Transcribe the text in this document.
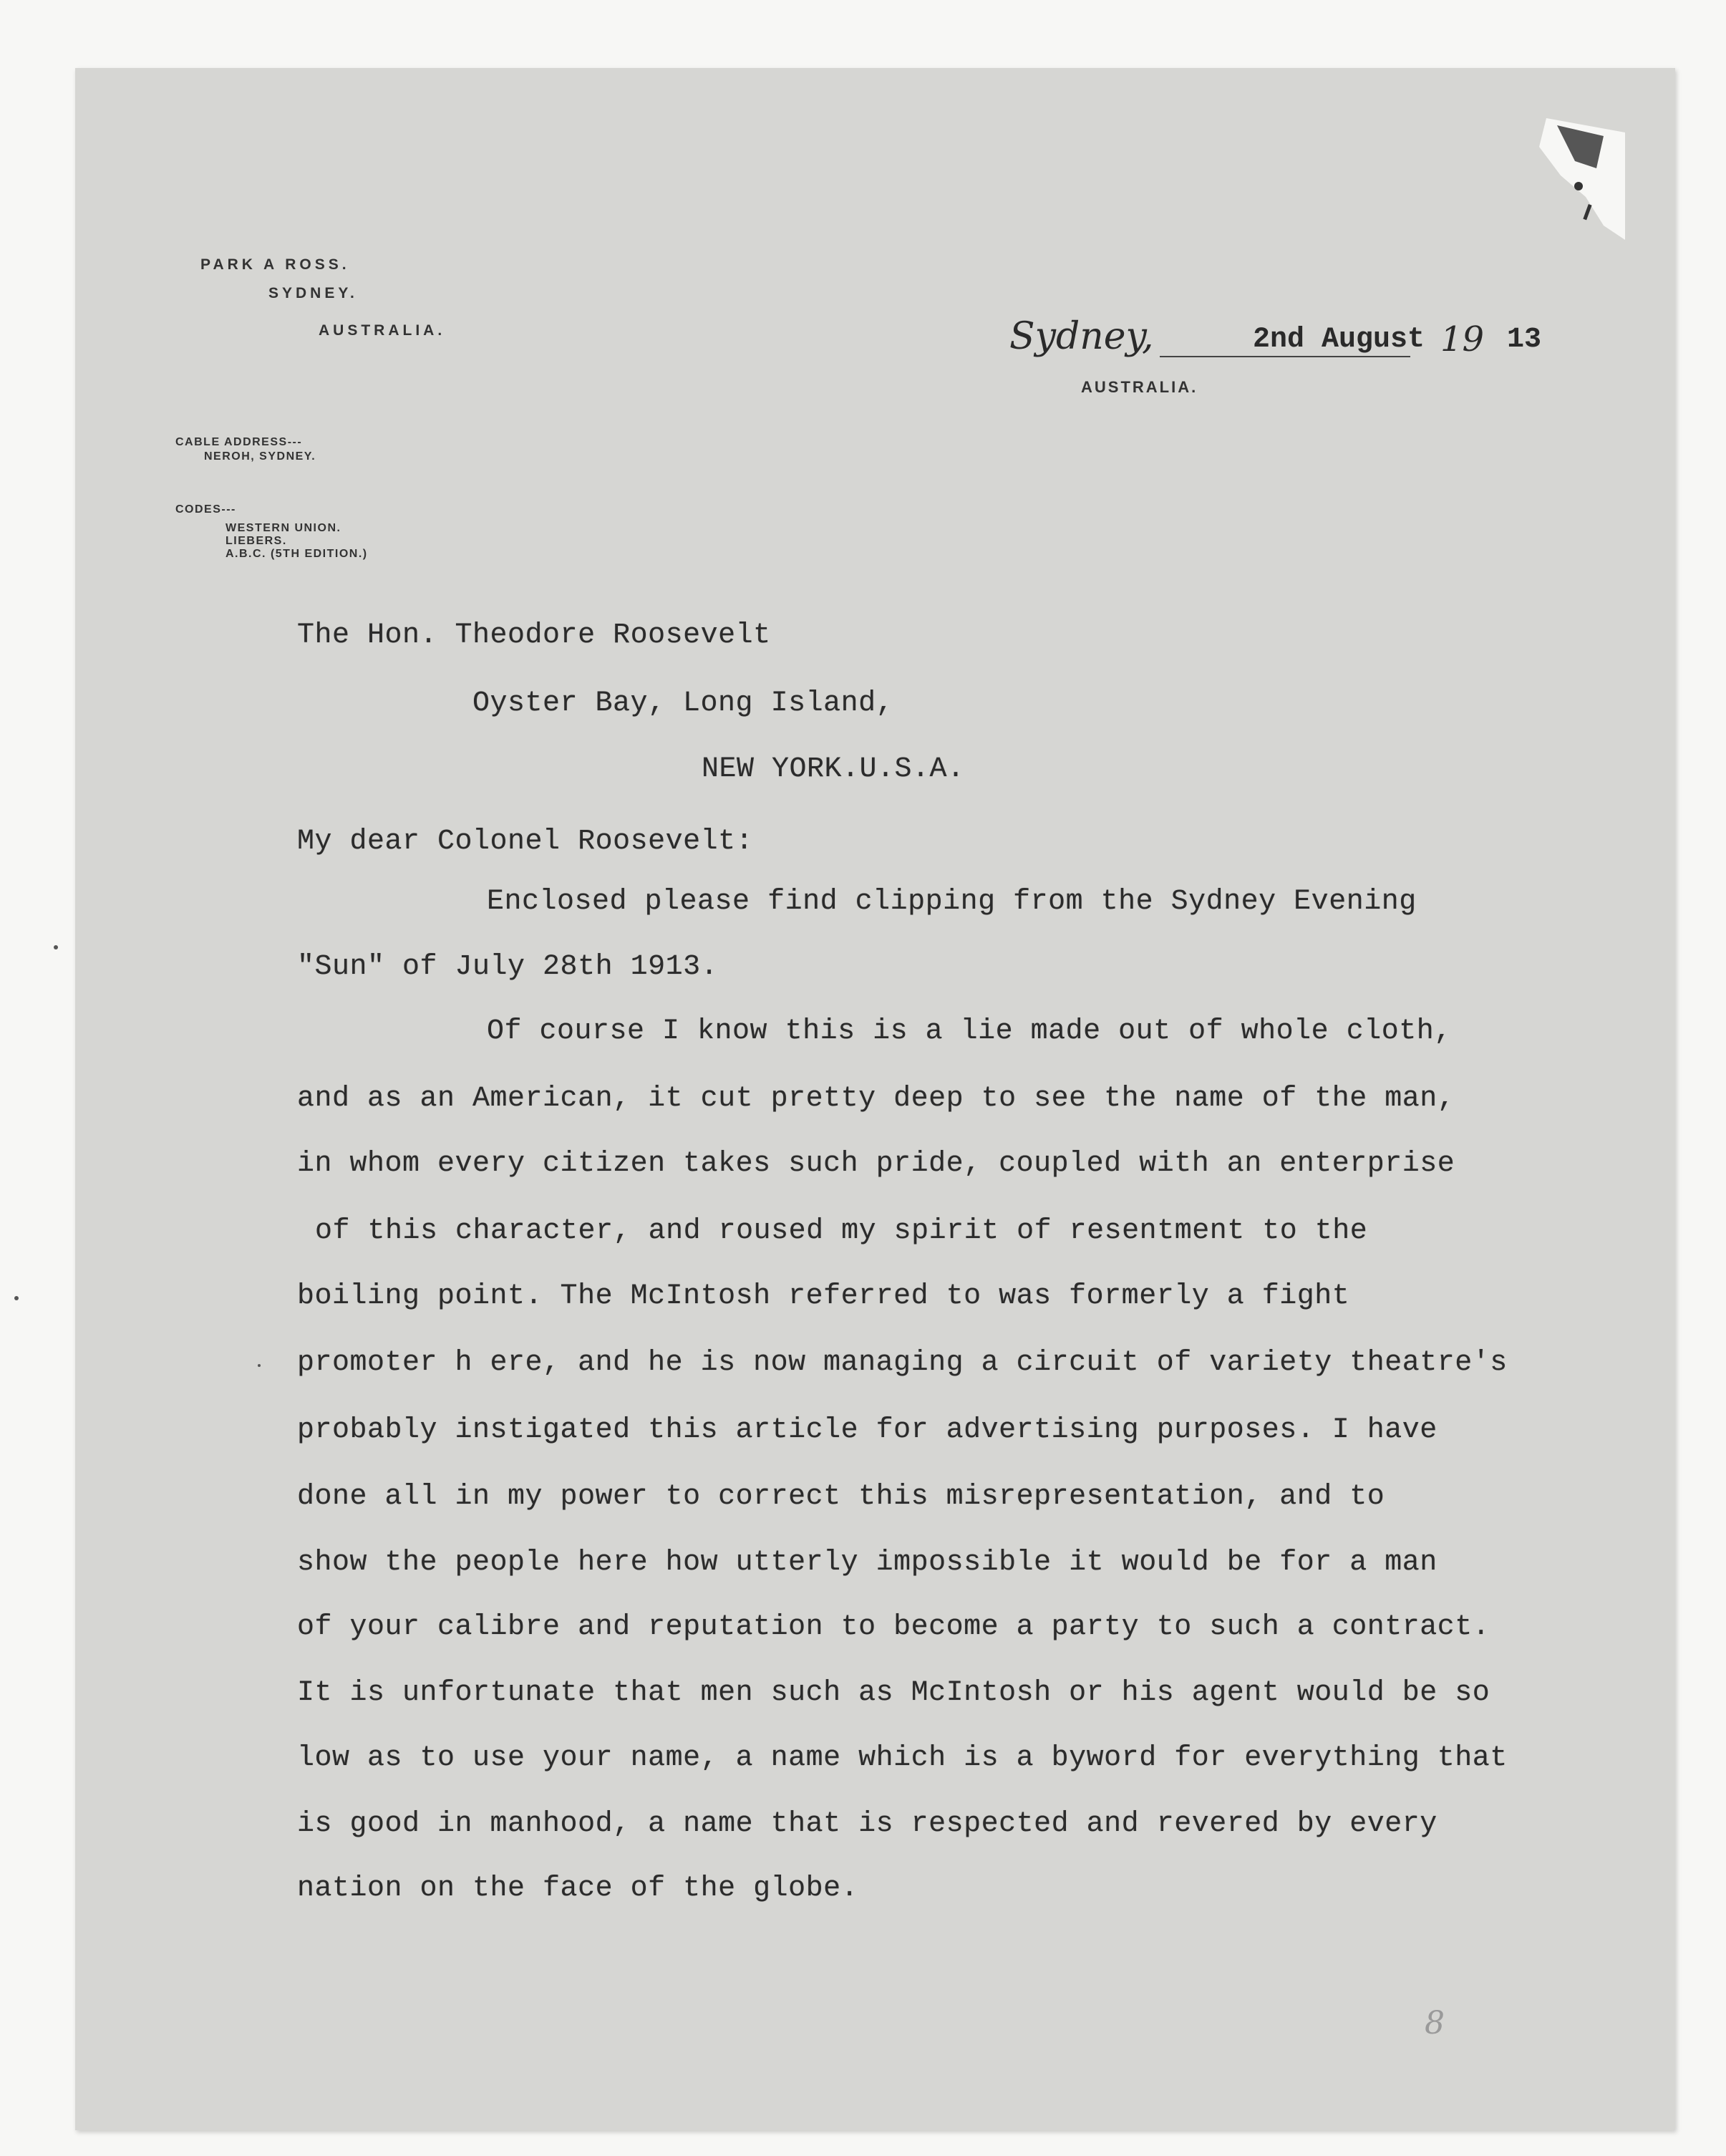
PARK A ROSS.
SYDNEY.
AUSTRALIA.
CABLE ADDRESS---
NEROH, SYDNEY.
CODES---
WESTERN UNION.
LIEBERS.
A.B.C. (5TH EDITION.)
Sydney,	2nd August 19 13
AUSTRALIA.
The Hon. Theodore Roosevelt
Oyster Bay, Long Island,
NEW YORK.U.S.A.
My dear Colonel Roosevelt:
Enclosed please find clipping from the Sydney Evening
"Sun" of July 28th 1913.
Of course I know this is a lie made out of whole cloth,
and as an American, it cut pretty deep to see the name of the man,
in whom every citizen takes such pride, coupled with an enterprise
of this character, and roused my spirit of resentment to the
boiling point. The McIntosh referred to was formerly a fight
promoter h ere, and he is now managing a circuit of variety theatre's
probably instigated this article for advertising purposes. I have
done all in my power to correct this misrepresentation, and to
show the people here how utterly impossible it would be for a man
of your calibre and reputation to become a party to such a contract.
It is unfortunate that men such as McIntosh or his agent would be so
low as to use your name, a name which is a byword for everything that
is good in manhood, a name that is respected and revered by every
nation on the face of the globe.
8
